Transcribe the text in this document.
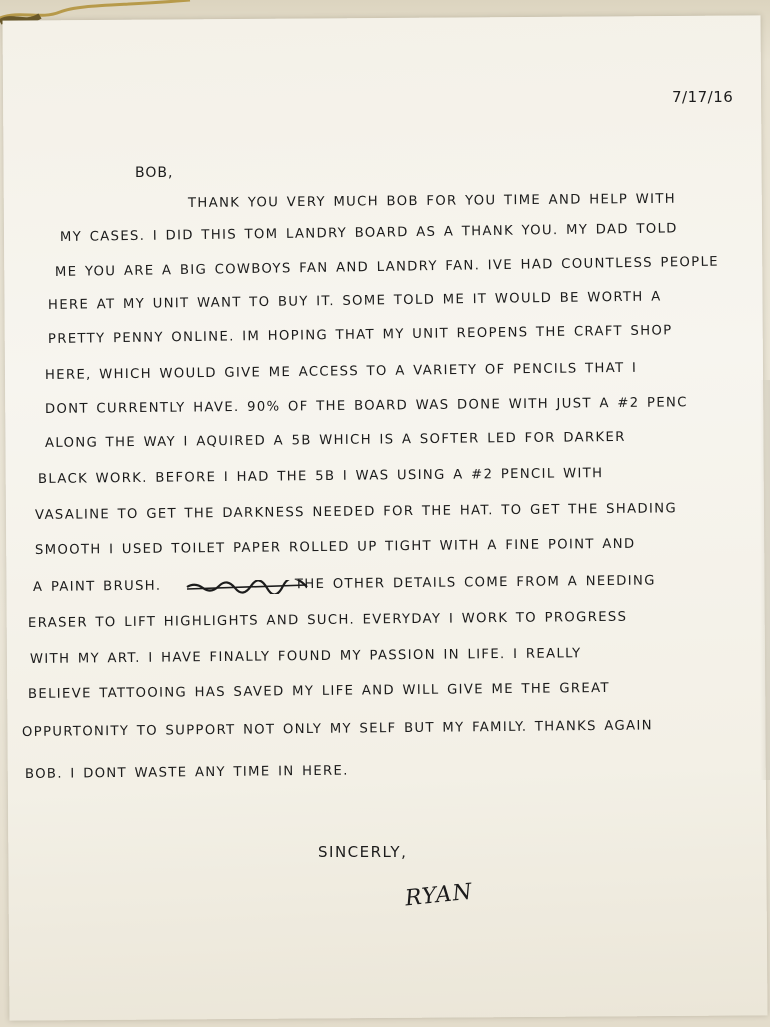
7/17/16
BOB,
THANK YOU VERY MUCH BOB FOR YOU TIME AND HELP WITH
MY CASES. I DID THIS TOM LANDRY BOARD AS A THANK YOU. MY DAD TOLD
ME YOU ARE A BIG COWBOYS FAN AND LANDRY FAN. IVE HAD COUNTLESS PEOPLE
HERE AT MY UNIT WANT TO BUY IT. SOME TOLD ME IT WOULD BE WORTH A
PRETTY PENNY ONLINE. IM HOPING THAT MY UNIT REOPENS THE CRAFT SHOP
HERE, WHICH WOULD GIVE ME ACCESS TO A VARIETY OF PENCILS THAT I
DONT CURRENTLY HAVE. 90% OF THE BOARD WAS DONE WITH JUST A #2 PENC
ALONG THE WAY I AQUIRED A 5B WHICH IS A SOFTER LED FOR DARKER
BLACK WORK. BEFORE I HAD THE 5B I WAS USING A #2 PENCIL WITH
VASALINE TO GET THE DARKNESS NEEDED FOR THE HAT. TO GET THE SHADING
SMOOTH I USED TOILET PAPER ROLLED UP TIGHT WITH A FINE POINT AND
A PAINT BRUSH.	THE OTHER DETAILS COME FROM A NEEDING
ERASER TO LIFT HIGHLIGHTS AND SUCH. EVERYDAY I WORK TO PROGRESS
WITH MY ART. I HAVE FINALLY FOUND MY PASSION IN LIFE. I REALLY
BELIEVE TATTOOING HAS SAVED MY LIFE AND WILL GIVE ME THE GREAT
OPPURTONITY TO SUPPORT NOT ONLY MY SELF BUT MY FAMILY. THANKS AGAIN
BOB. I DONT WASTE ANY TIME IN HERE.
SINCERLY,
RYAN
